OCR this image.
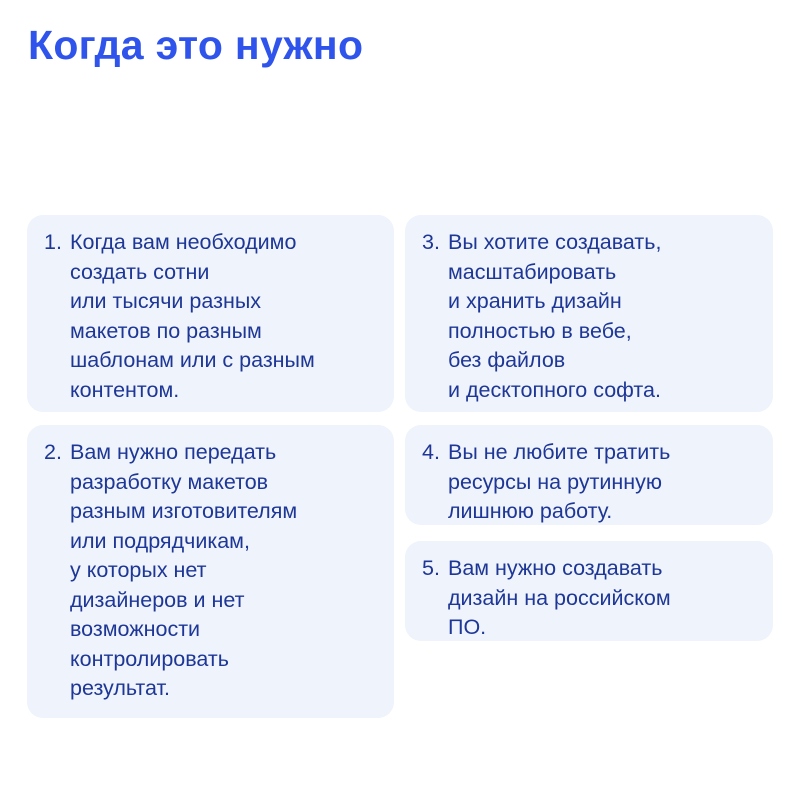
Когда это нужно
1. Когда вам необходимо
создать сотни
или тысячи разных
макетов по разным
шаблонам или с разным
контентом.
2. Вам нужно передать
разработку макетов
разным изготовителям
или подрядчикам,
у которых нет
дизайнеров и нет
возможности
контролировать
результат.
3. Вы хотите создавать,
масштабировать
и хранить дизайн
полностью в вебе,
без файлов
и десктопного софта.
4. Вы не любите тратить
ресурсы на рутинную
лишнюю работу.
5. Вам нужно создавать
дизайн на российском
ПО.
